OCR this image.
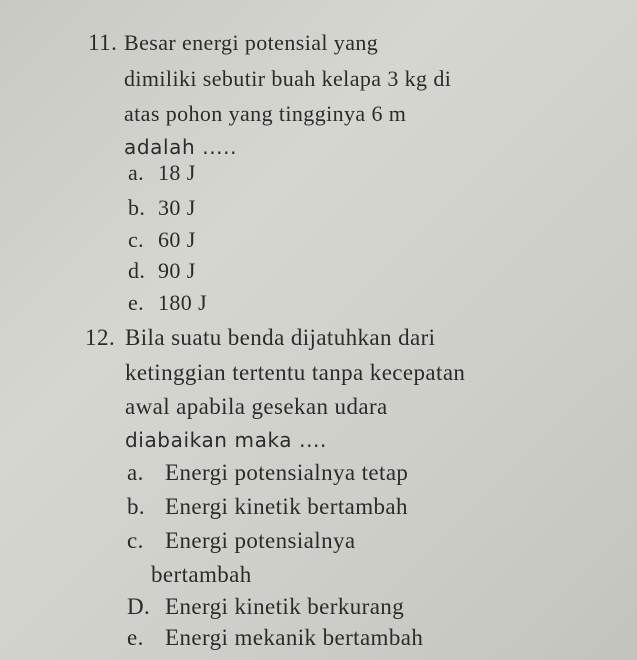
11. Besar energi potensial yang
dimiliki sebutir buah kelapa 3 kg di
atas pohon yang tingginya 6 m
adalah .....
a. 18 J
b. 30 J
c. 60 J
d. 90 J
e. 180 J
12. Bila suatu benda dijatuhkan dari
ketinggian tertentu tanpa kecepatan
awal apabila gesekan udara
diabaikan maka ....
a. Energi potensialnya tetap
b. Energi kinetik bertambah
c. Energi potensialnya
bertambah
D. Energi kinetik berkurang
e. Energi mekanik bertambah
